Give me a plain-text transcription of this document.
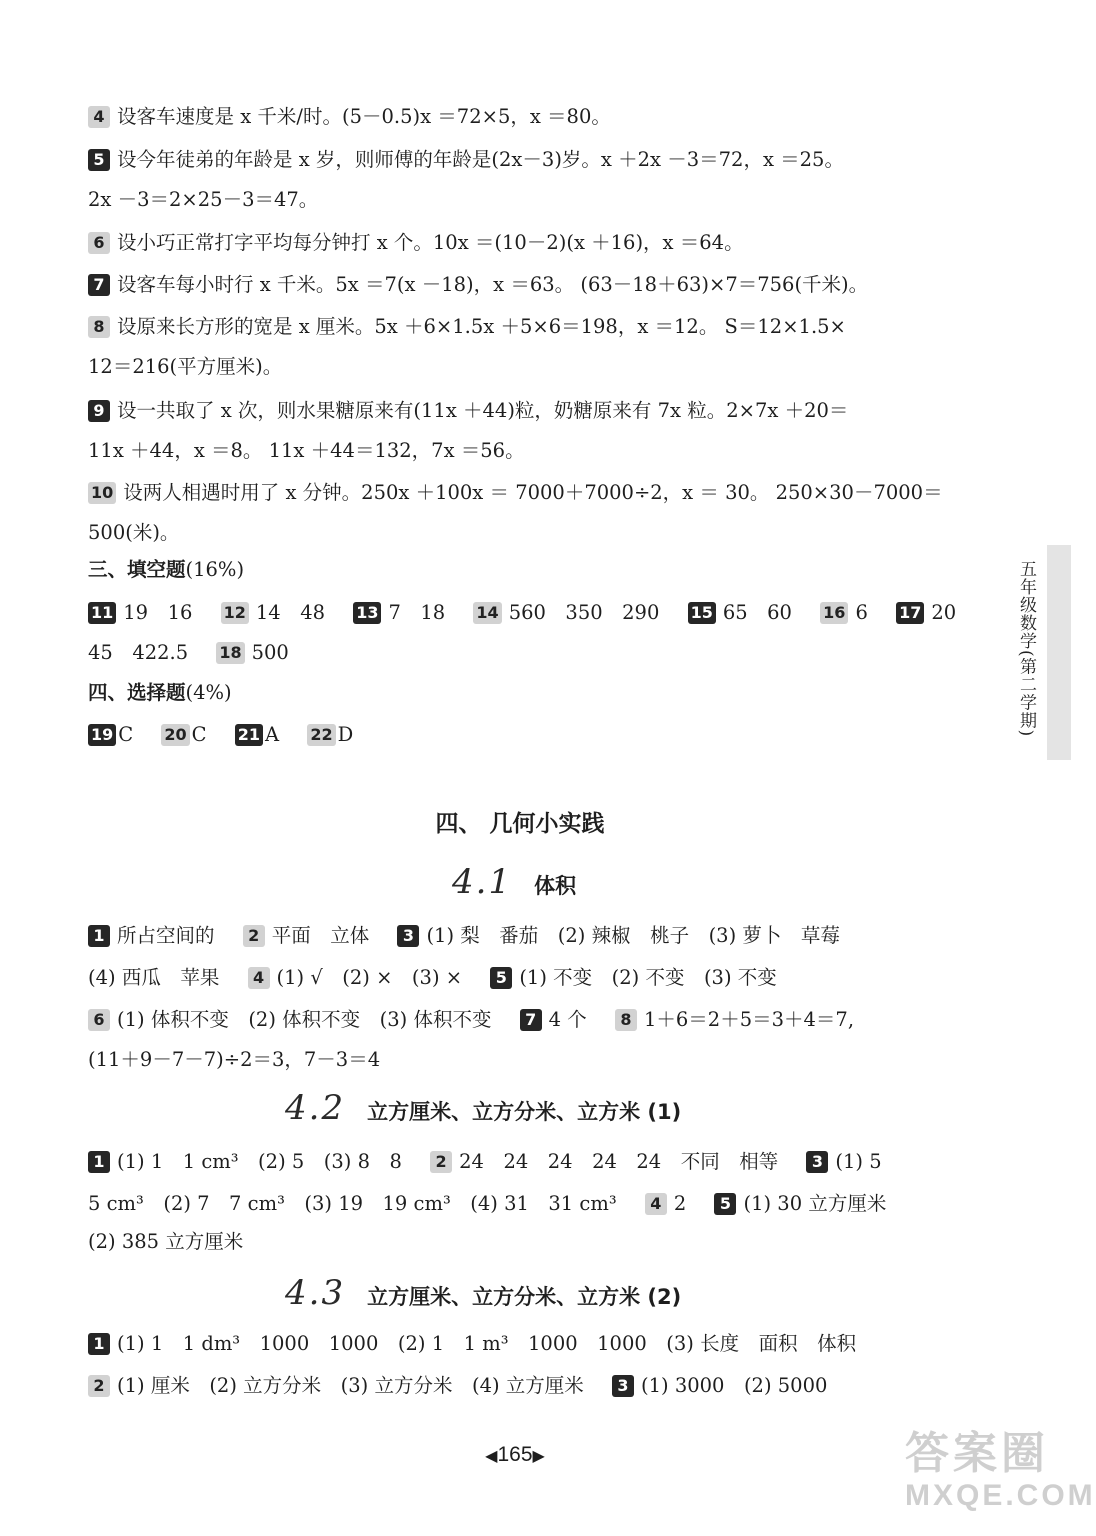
4 设客车速度是 x 千米/时。(5－0.5)x ＝72×5，x ＝80。
5 设今年徒弟的年龄是 x 岁，则师傅的年龄是(2x－3)岁。x ＋2x －3＝72，x ＝25。
2x －3＝2×25－3＝47。
6 设小巧正常打字平均每分钟打 x 个。10x ＝(10－2)(x ＋16)，x ＝64。
7 设客车每小时行 x 千米。5x ＝7(x －18)，x ＝63。 (63－18＋63)×7＝756(千米)。
8 设原来长方形的宽是 x 厘米。5x ＋6×1.5x ＋5×6＝198，x ＝12。 S＝12×1.5×
12＝216(平方厘米)。
9 设一共取了 x 次，则水果糖原来有(11x ＋44)粒，奶糖原来有 7x 粒。2×7x ＋20＝
11x ＋44，x ＝8。 11x ＋44＝132，7x ＝56。
10 设两人相遇时用了 x 分钟。250x ＋100x ＝ 7000＋7000÷2，x ＝ 30。 250×30－7000＝
500(米)。
三、填空题(16%)
11 19　16 12 14　48 13 7　18 14 560　350　290 15 65　60 16 6 17 20
45　422.5 18 500
四、选择题(4%)
19 C 20 C 21 A 22 D
四、 几何小实践
4.1 体积
1 所占空间的 2 平面　立体 3 (1) 梨　番茄　(2) 辣椒　桃子　(3) 萝卜　草莓
(4) 西瓜　苹果 4 (1) √　(2) ×　(3) × 5 (1) 不变　(2) 不变　(3) 不变
6 (1) 体积不变　(2) 体积不变　(3) 体积不变 7 4 个 8 1＋6＝2＋5＝3＋4＝7,
(11＋9－7－7)÷2＝3，7－3＝4
4.2 立方厘米、立方分米、立方米 (1)
1 (1) 1　1 cm³　(2) 5　(3) 8　8 2 24　24　24　24　24　不同　相等 3 (1) 5
5 cm³　(2) 7　7 cm³　(3) 19　19 cm³　(4) 31　31 cm³ 4 2 5 (1) 30 立方厘米
(2) 385 立方厘米
4.3 立方厘米、立方分米、立方米 (2)
1 (1) 1　1 dm³　1000　1000　(2) 1　1 m³　1000　1000　(3) 长度　面积　体积
2 (1) 厘米　(2) 立方分米　(3) 立方分米　(4) 立方厘米 3 (1) 3000　(2) 5000
五年级数学(第二学期)
◀165▶	答案圈
MXQE.COM
